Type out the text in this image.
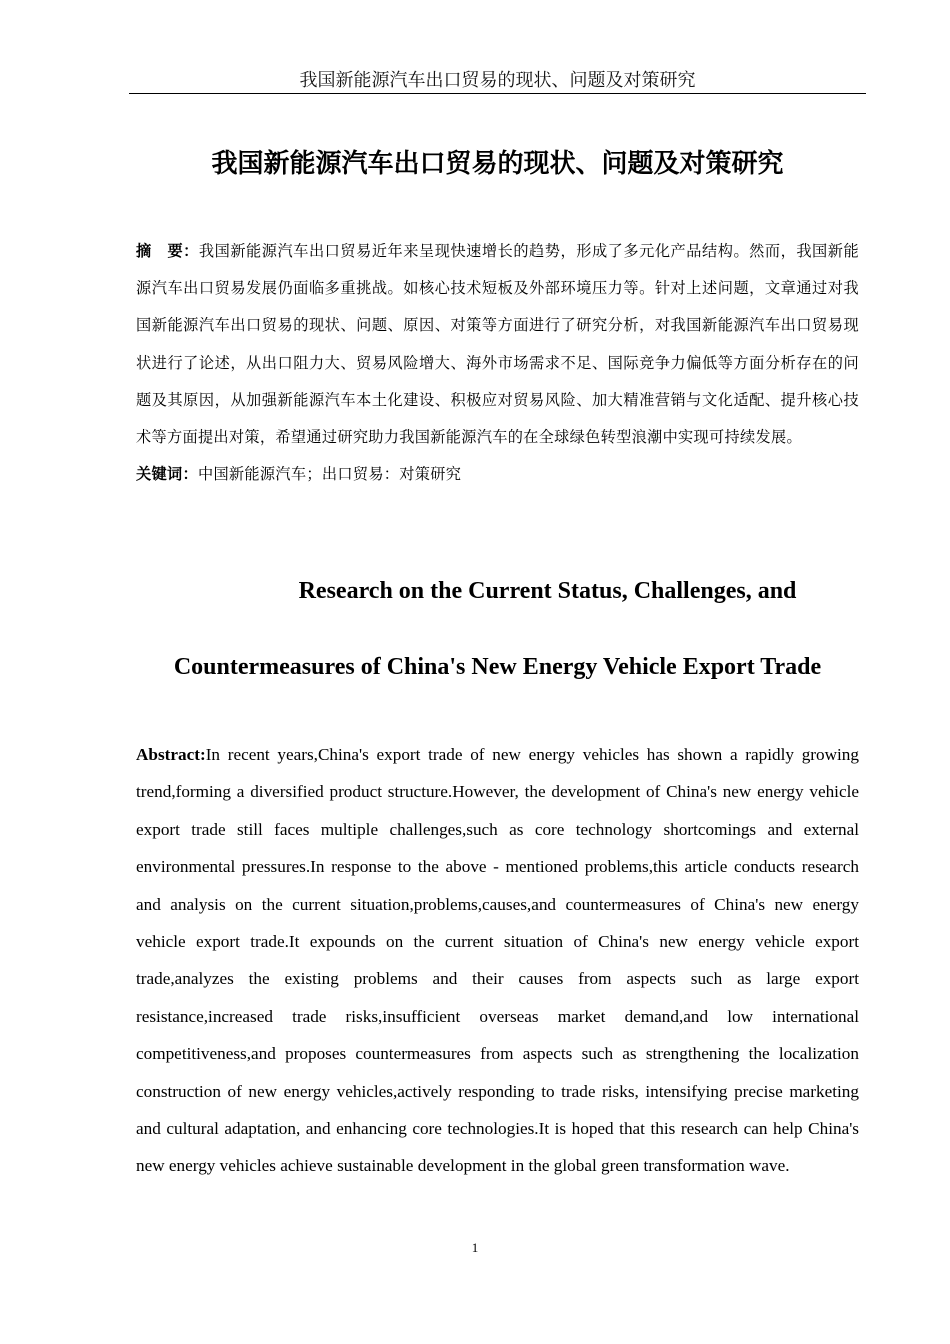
我国新能源汽车出口贸易的现状、问题及对策研究
我国新能源汽车出口贸易的现状、问题及对策研究
摘　要：我国新能源汽车出口贸易近年来呈现快速增长的趋势，形成了多元化产品结构。然而，我国新能源汽车出口贸易发展仍面临多重挑战。如核心技术短板及外部环境压力等。针对上述问题，文章通过对我国新能源汽车出口贸易的现状、问题、原因、对策等方面进行了研究分析，对我国新能源汽车出口贸易现状进行了论述，从出口阻力大、贸易风险增大、海外市场需求不足、国际竞争力偏低等方面分析存在的问题及其原因，从加强新能源汽车本土化建设、积极应对贸易风险、加大精准营销与文化适配、提升核心技术等方面提出对策，希望通过研究助力我国新能源汽车的在全球绿色转型浪潮中实现可持续发展。
关键词：中国新能源汽车；出口贸易：对策研究
Research on the Current Status, Challenges, and
Countermeasures of China's New Energy Vehicle Export Trade
Abstract:In recent years,China's export trade of new energy vehicles has shown a rapidly growing trend,forming a diversified product structure.However, the development of China's new energy vehicle export trade still faces multiple challenges,such as core technology shortcomings and external environmental pressures.In response to the above - mentioned problems,this article conducts research and analysis on the current situation,problems,causes,and countermeasures of China's new energy vehicle export trade.It expounds on the current situation of China's new energy vehicle export trade,analyzes the existing problems and their causes from aspects such as large export resistance,increased trade risks,insufficient overseas market demand,and low international competitiveness,and proposes countermeasures from aspects such as strengthening the localization construction of new energy vehicles,actively responding to trade risks, intensifying precise marketing and cultural adaptation, and enhancing core technologies.It is hoped that this research can help China's new energy vehicles achieve sustainable development in the global green transformation wave.
1
